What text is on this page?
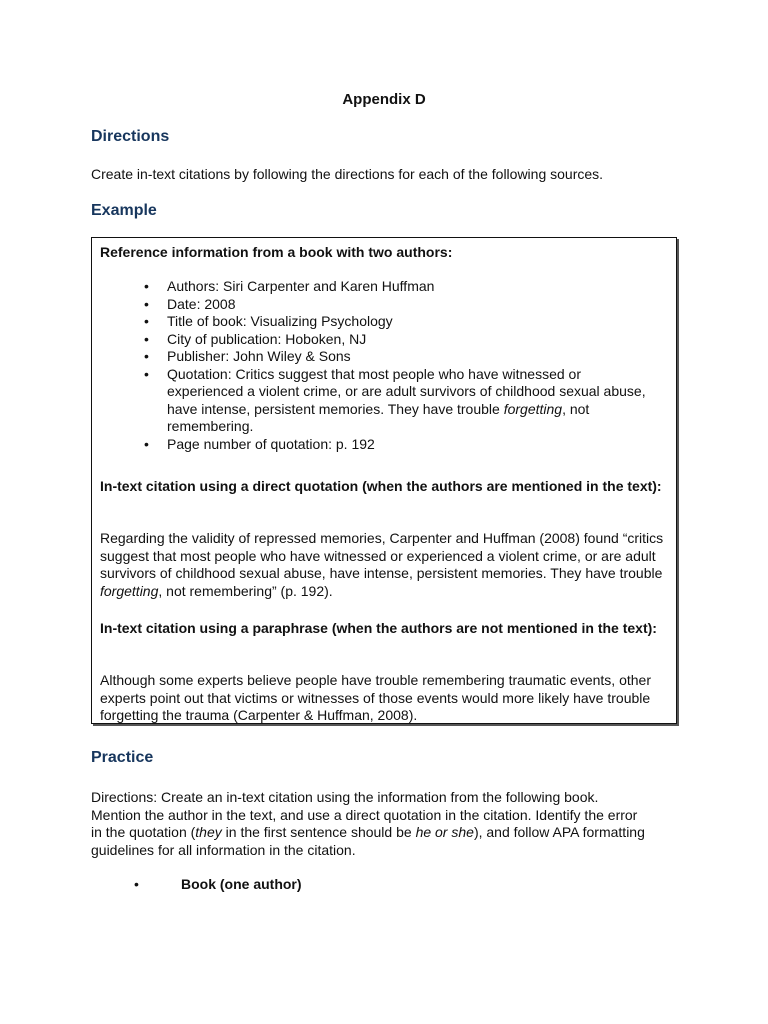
Appendix D
Directions
Create in-text citations by following the directions for each of the following sources.
Example
Reference information from a book with two authors:
• Authors: Siri Carpenter and Karen Huffman
• Date: 2008
• Title of book: Visualizing Psychology
• City of publication: Hoboken, NJ
• Publisher: John Wiley & Sons
• Quotation: Critics suggest that most people who have witnessed or experienced a violent crime, or are adult survivors of childhood sexual abuse, have intense, persistent memories. They have trouble forgetting, not remembering.
• Page number of quotation: p. 192
In-text citation using a direct quotation (when the authors are mentioned in the text):
Regarding the validity of repressed memories, Carpenter and Huffman (2008) found “critics suggest that most people who have witnessed or experienced a violent crime, or are adult survivors of childhood sexual abuse, have intense, persistent memories. They have trouble forgetting, not remembering” (p. 192).
In-text citation using a paraphrase (when the authors are not mentioned in the text):
Although some experts believe people have trouble remembering traumatic events, other experts point out that victims or witnesses of those events would more likely have trouble forgetting the trauma (Carpenter & Huffman, 2008).
Practice
Directions: Create an in-text citation using the information from the following book. Mention the author in the text, and use a direct quotation in the citation. Identify the error in the quotation (they in the first sentence should be he or she), and follow APA formatting guidelines for all information in the citation.
•	Book (one author)
